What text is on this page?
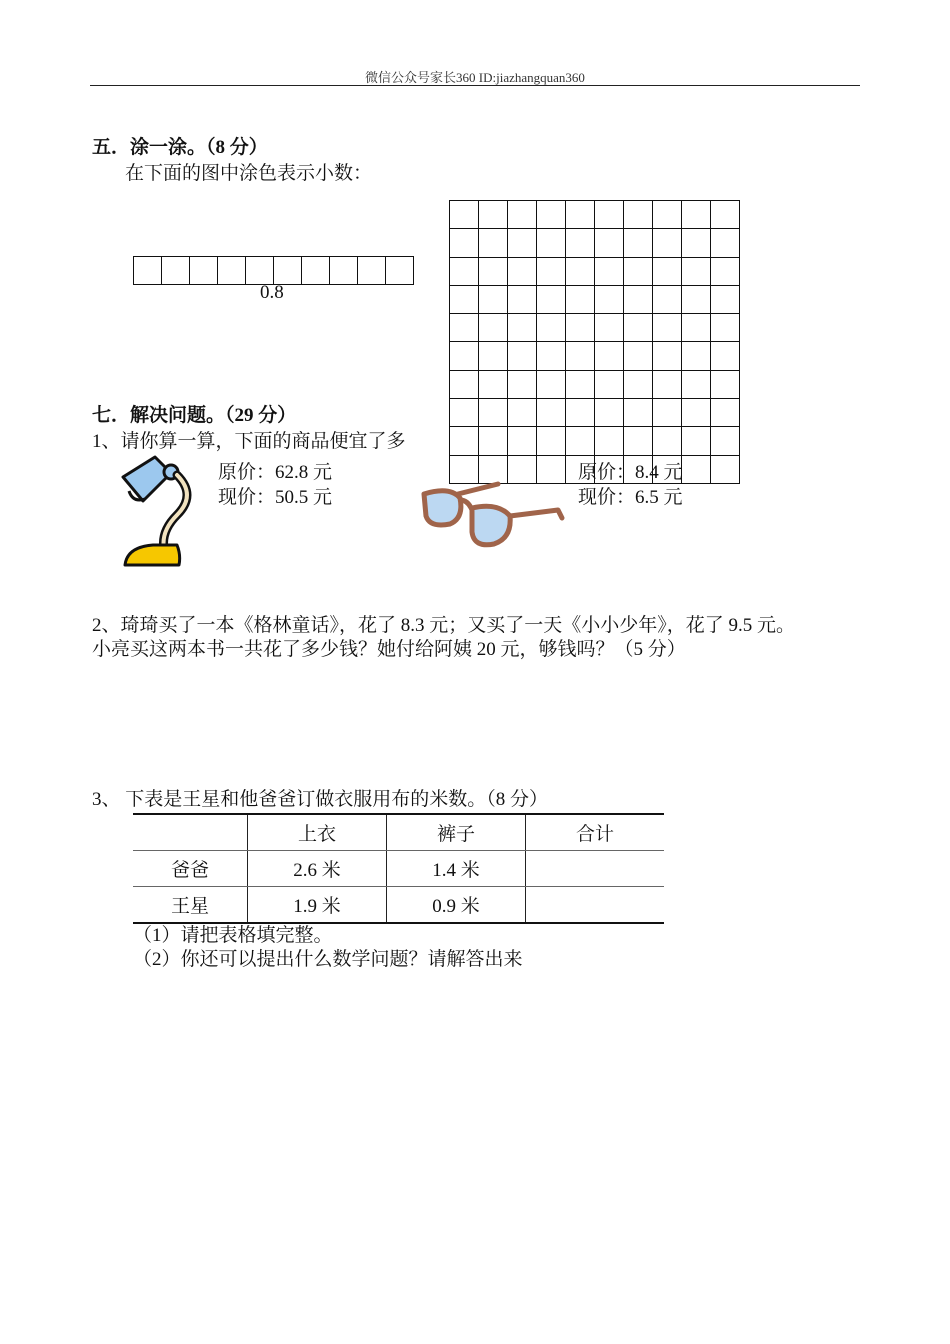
微信公众号家长360 ID:jiazhangquan360
五．涂一涂。（8 分）
在下面的图中涂色表示小数：
0.8
七．解决问题。（29 分）
1、请你算一算，下面的商品便宜了多
原价：62.8 元
现价：50.5 元
原价：8.4 元
现价：6.5 元
2、琦琦买了一本《格林童话》，花了 8.3 元；又买了一天《小小少年》，花了 9.5 元。
小亮买这两本书一共花了多少钱？她付给阿姨 20 元，够钱吗？（5 分）
3、 下表是王星和他爸爸订做衣服用布的米数。（8 分）
	上衣	裤子	合计
爸爸	2.6 米	1.4 米	
王星	1.9 米	0.9 米	
（1）请把表格填完整。
（2）你还可以提出什么数学问题？请解答出来
